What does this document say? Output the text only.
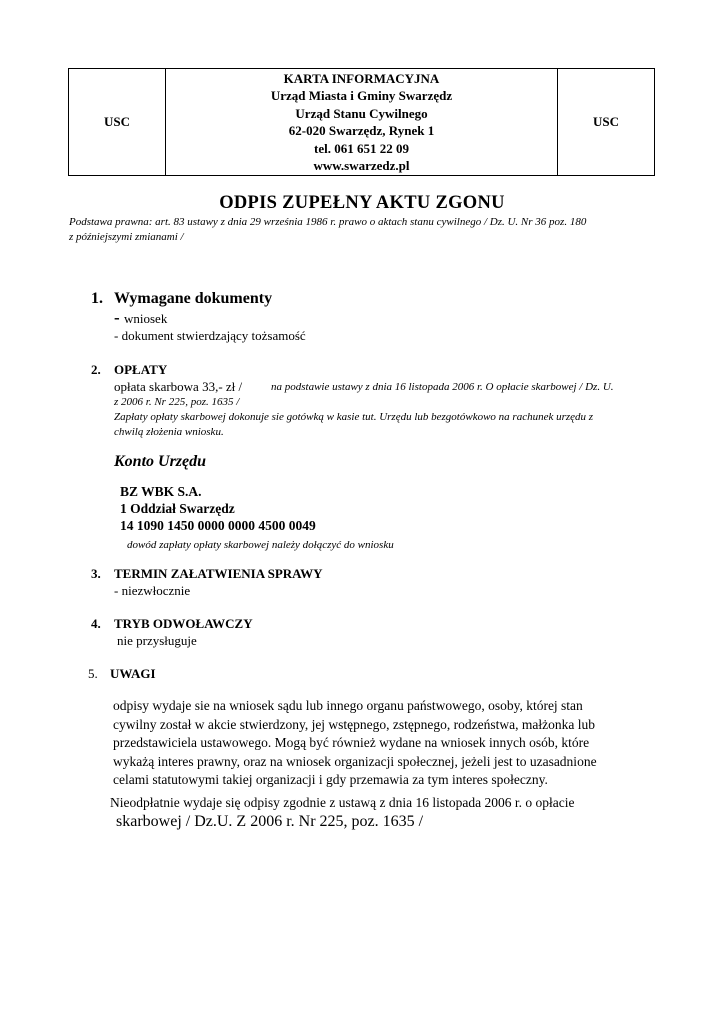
USC
KARTA INFORMACYJNA
Urząd Miasta i Gminy Swarzędz
Urząd Stanu Cywilnego
62-020 Swarzędz, Rynek 1
tel. 061 651 22 09
www.swarzedz.pl
USC
ODPIS ZUPEŁNY AKTU ZGONU
Podstawa prawna: art. 83 ustawy z dnia 29 września 1986 r. prawo o aktach stanu cywilnego / Dz. U. Nr 36 poz. 180
z późniejszymi zmianami /
1. Wymagane dokumenty
- wniosek
- dokument stwierdzający tożsamość
2. OPŁATY
opłata skarbowa 33,- zł /	na podstawie ustawy z dnia 16 listopada 2006 r. O opłacie skarbowej / Dz. U.
z 2006 r. Nr 225, poz. 1635 /
Zapłaty opłaty skarbowej dokonuje sie gotówką w kasie tut. Urzędu lub bezgotówkowo na rachunek urzędu z
chwilą złożenia wniosku.
Konto Urzędu
BZ WBK S.A.
1 Oddział Swarzędz
14 1090 1450 0000 0000 4500 0049
dowód zapłaty opłaty skarbowej należy dołączyć do wniosku
3. TERMIN ZAŁATWIENIA SPRAWY
- niezwłocznie
4. TRYB ODWOŁAWCZY
nie przysługuje
5. UWAGI
odpisy wydaje sie na wniosek sądu lub innego organu państwowego, osoby, której stan
cywilny został w akcie stwierdzony, jej wstępnego, zstępnego, rodzeństwa, małżonka lub
przedstawiciela ustawowego. Mogą być również wydane na wniosek innych osób, które
wykażą interes prawny, oraz na wniosek organizacji społecznej, jeżeli jest to uzasadnione
celami statutowymi takiej organizacji i gdy przemawia za tym interes społeczny.
Nieodpłatnie wydaje się odpisy zgodnie z ustawą z dnia 16 listopada 2006 r. o opłacie
skarbowej / Dz.U. Z 2006 r. Nr 225, poz. 1635 /
